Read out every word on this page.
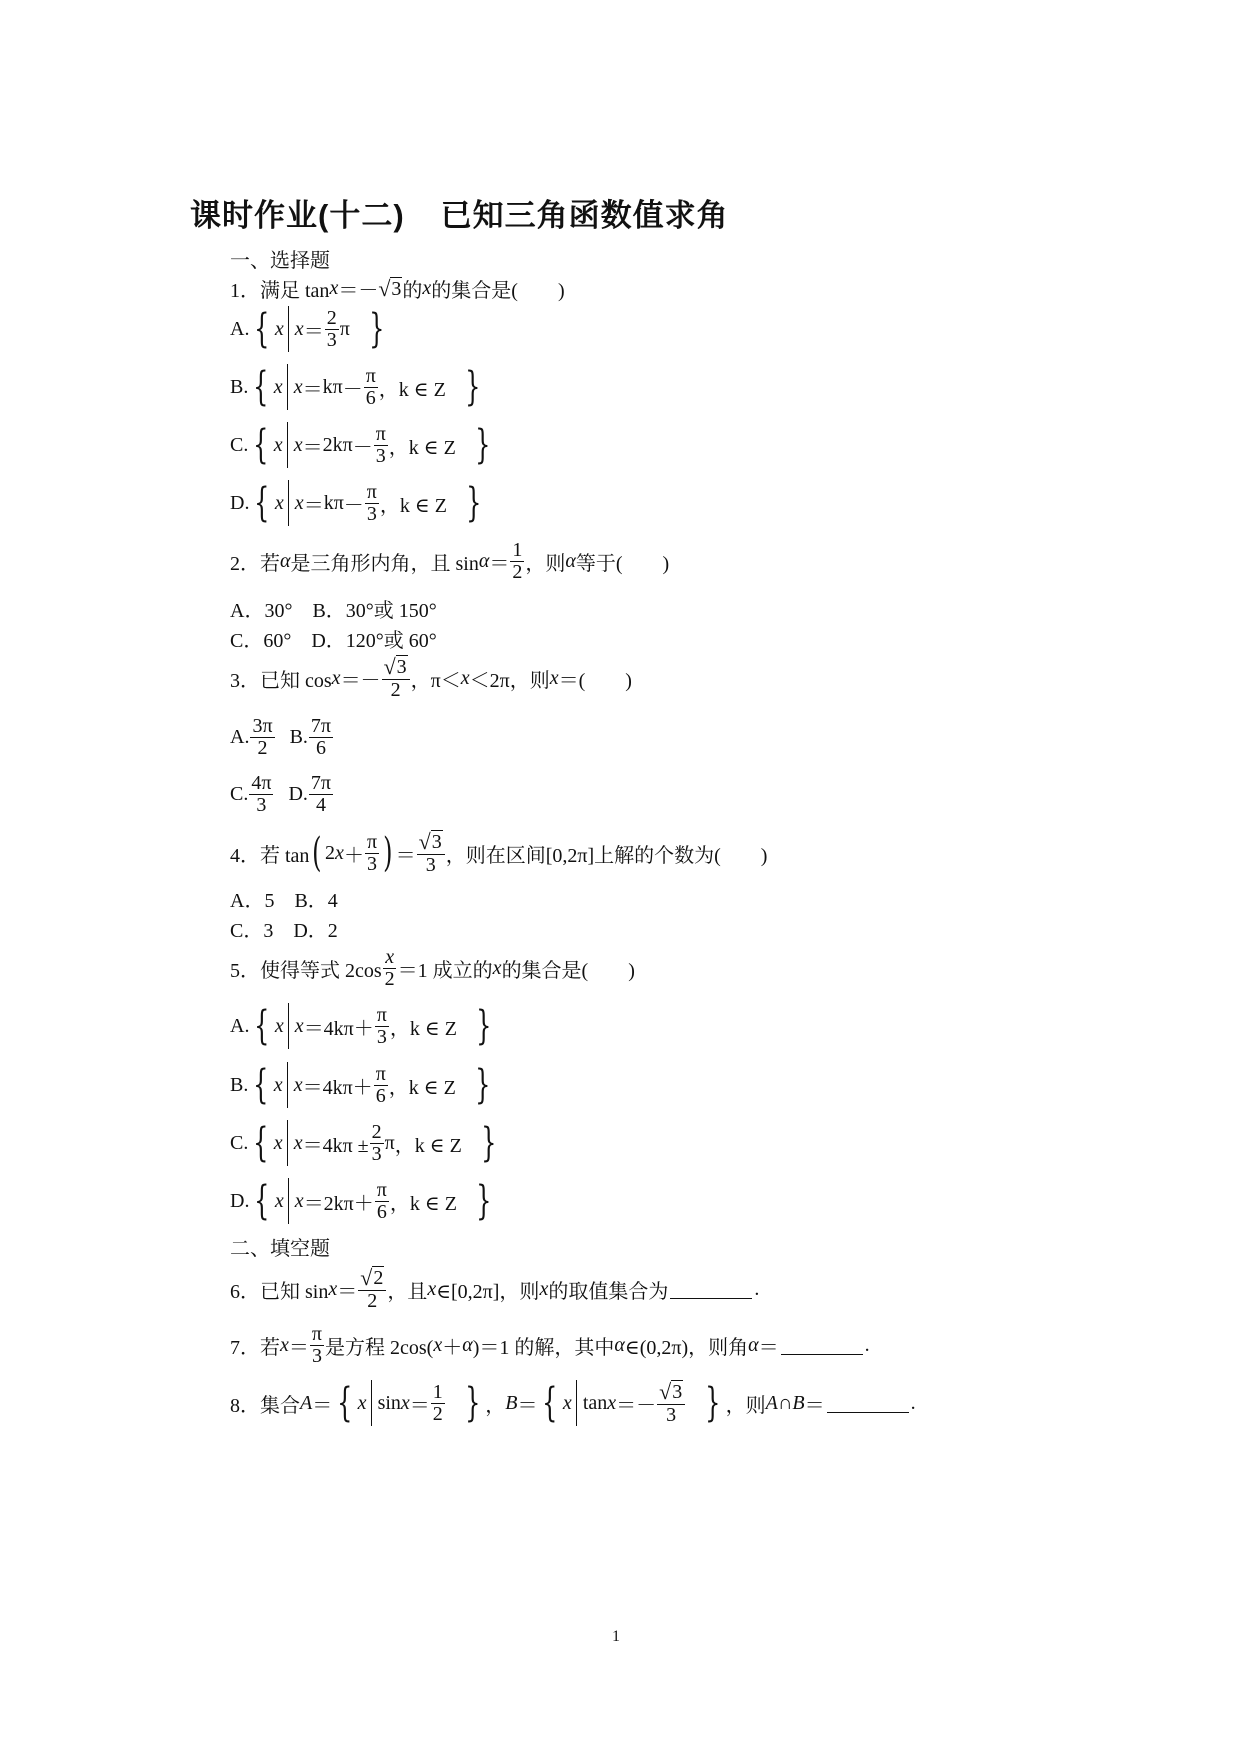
课时作业(十二) 已知三角函数值求角
一、选择题
1．满足 tan x ＝－ √ 3 的 x 的集合是(　　)
A. { x $x = \frac{2}{3}$ π }
B. { x $x = k\pi - \frac{\pi}{6}$ ，k ∈ Z }
C. { x $x = 2k\pi - \frac{\pi}{3}$ ，k ∈ Z }
D. { x $x = k\pi - \frac{\pi}{3}$ ，k ∈ Z }
2．若 α 是三角形内角，且 $\sin \alpha = \frac{1}{2}$ ，则 α 等于(　　)
A．30°　B．30°或 150°
C．60°　D．120°或 60°
3．已知 $\cos x =- \frac{√ 3}{2}$ ，π＜ x ＜2π，则 x ＝(　　)
A. $\frac{3\pi}{2} B$. $\frac{7\pi}{6}$
C. $\frac{4\pi}{3} D$. $\frac{7\pi}{4}$
4．若 tan ( 2 $x + \frac{\pi}{3}$ ) ＝ $\frac{√ 3}{3}$ ，则在区间[0,2π]上解的个数为(　　)
A．5　B．4
C．3　D．2
5．使得等式 $2\cos \frac{x}{2} =1$ 成立的 x 的集合是(　　)
A. { x $x =4k\pi+ \frac{\pi}{3}$ ，k ∈ Z }
B. { x $x =4k\pi+ \frac{\pi}{6}$ ，k ∈ Z }
C. { x $x =4k\pi \pm \frac{2}{3}$ π ，k ∈ Z }
D. { x $x =2k\pi+ \frac{\pi}{6}$ ，k ∈ Z }
二、填空题
6．已知 $\sin x = \frac{√ 2}{2}$ ，且 x ∈[0,2π]，则 x 的取值集合为	.
7．若 $x = \frac{\pi}{3}$ 是方程 2cos( x ＋ α )＝1 的解，其中 α ∈(0,2π)，则角 α ＝	.
8．集合 A ＝ { x $\sin x = \frac{1}{2}$ } ， B ＝ { x $\tan x =- \frac{√ 3}{3}$ } ，则 A ∩ B ＝	.
1
